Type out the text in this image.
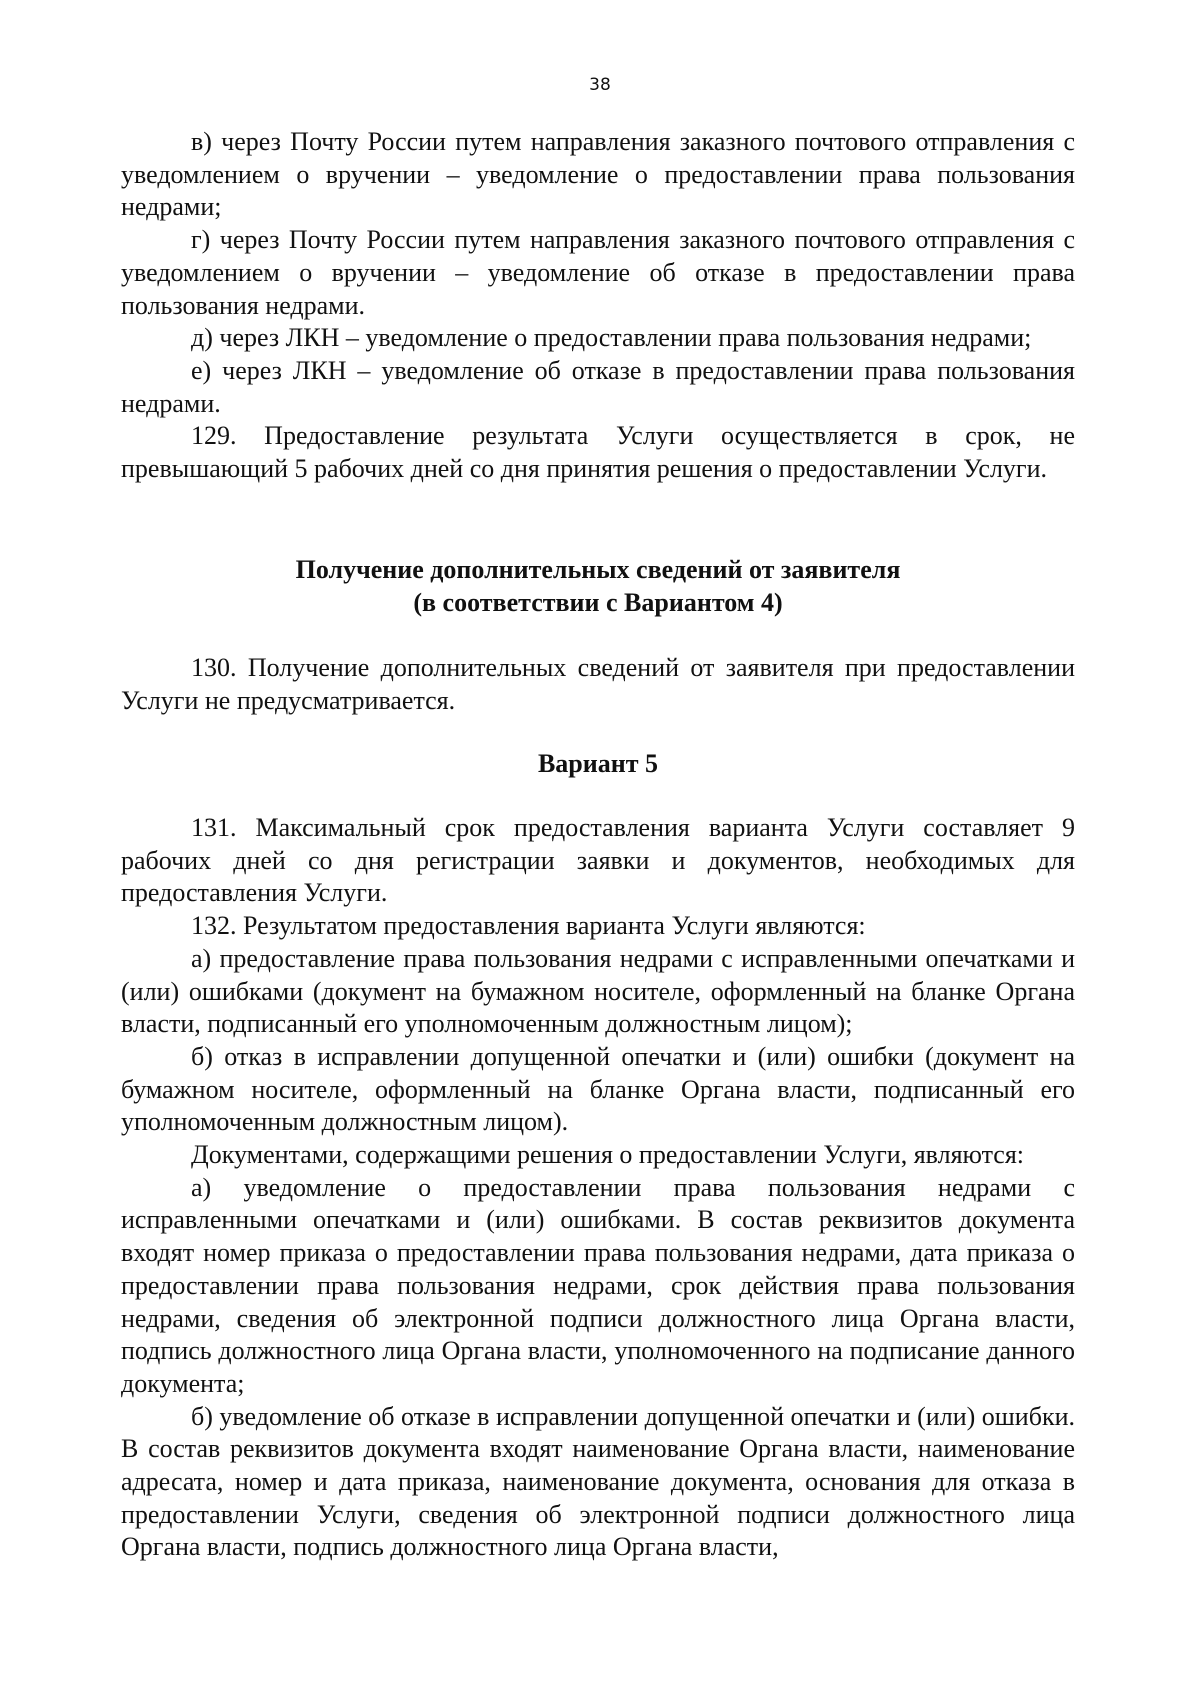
38

в) через Почту России путем направления заказного почтового отправления с уведомлением о вручении – уведомление о предоставлении права пользования недрами;

г) через Почту России путем направления заказного почтового отправления с уведомлением о вручении – уведомление об отказе в предоставлении права пользования недрами.

д) через ЛКН – уведомление о предоставлении права пользования недрами;

е) через ЛКН – уведомление об отказе в предоставлении права пользования недрами.

129. Предоставление результата Услуги осуществляется в срок, не превышающий 5 рабочих дней со дня принятия решения о предоставлении Услуги.

Получение дополнительных сведений от заявителя

(в соответствии с Вариантом 4)

130. Получение дополнительных сведений от заявителя при предоставлении Услуги не предусматривается.

Вариант 5

131. Максимальный срок предоставления варианта Услуги составляет 9 рабочих дней со дня регистрации заявки и документов, необходимых для предоставления Услуги.

132. Результатом предоставления варианта Услуги являются:

а) предоставление права пользования недрами с исправленными опечатками и (или) ошибками (документ на бумажном носителе, оформленный на бланке Органа власти, подписанный его уполномоченным должностным лицом);

б) отказ в исправлении допущенной опечатки и (или) ошибки (документ на бумажном носителе, оформленный на бланке Органа власти, подписанный его уполномоченным должностным лицом).

Документами, содержащими решения о предоставлении Услуги, являются:

а) уведомление о предоставлении права пользования недрами с исправленными опечатками и (или) ошибками. В состав реквизитов документа входят номер приказа о предоставлении права пользования недрами, дата приказа о предоставлении права пользования недрами, срок действия права пользования недрами, сведения об электронной подписи должностного лица Органа власти, подпись должностного лица Органа власти, уполномоченного на подписание данного документа;

б) уведомление об отказе в исправлении допущенной опечатки и (или) ошибки. В состав реквизитов документа входят наименование Органа власти, наименование адресата, номер и дата приказа, наименование документа, основания для отказа в предоставлении Услуги, сведения об электронной подписи должностного лица Органа власти, подпись должностного лица Органа власти,
